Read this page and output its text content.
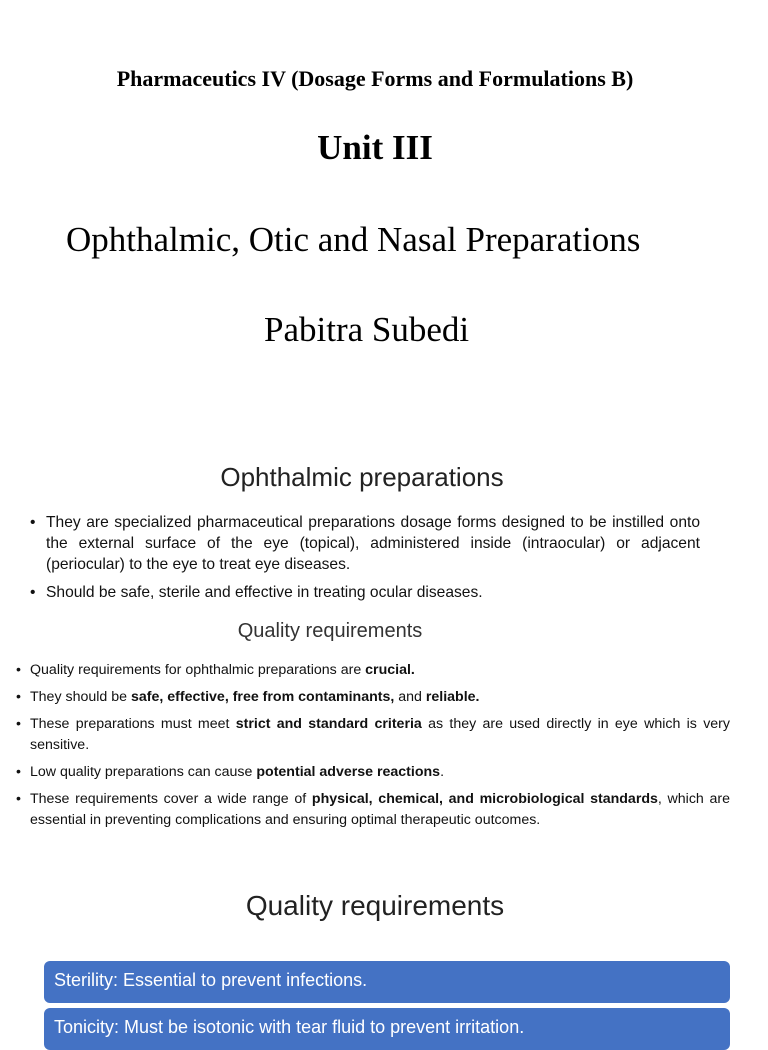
Pharmaceutics IV (Dosage Forms and Formulations B)
Unit III
Ophthalmic, Otic and Nasal Preparations
Pabitra Subedi
Ophthalmic preparations
• They are specialized pharmaceutical preparations dosage forms designed to be instilled onto the external surface of the eye (topical), administered inside (intraocular) or adjacent (periocular) to the eye to treat eye diseases.
• Should be safe, sterile and effective in treating ocular diseases.
Quality requirements
• Quality requirements for ophthalmic preparations are crucial.
• They should be safe, effective, free from contaminants, and reliable.
• These preparations must meet strict and standard criteria as they are used directly in eye which is very sensitive.
• Low quality preparations can cause potential adverse reactions.
• These requirements cover a wide range of physical, chemical, and microbiological standards, which are essential in preventing complications and ensuring optimal therapeutic outcomes.
Quality requirements
Sterility: Essential to prevent infections.
Tonicity: Must be isotonic with tear fluid to prevent irritation.
